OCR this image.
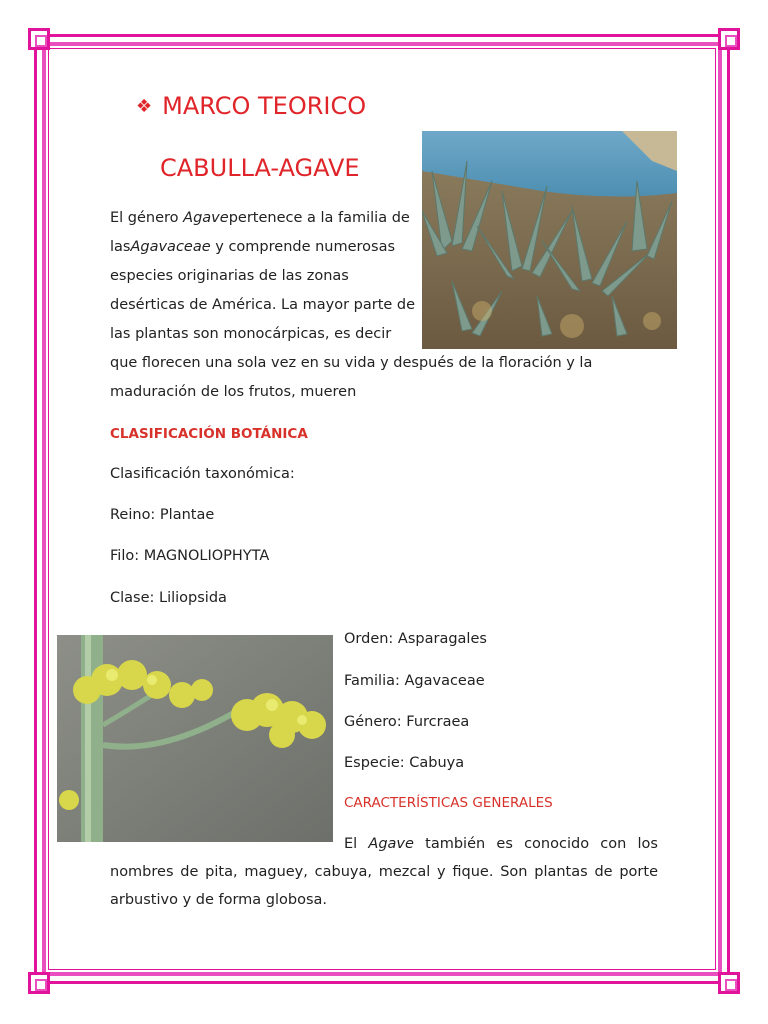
❖ MARCO TEORICO
CABULLA-AGAVE
El género Agavepertenece a la familia de
lasAgavaceae y comprende numerosas
especies originarias de las zonas
desérticas de América. La mayor parte de
las plantas son monocárpicas, es decir
que florecen una sola vez en su vida y después de la floración y la
maduración de los frutos, mueren
CLASIFICACIÓN BOTÁNICA
Clasificación taxonómica:
Reino: Plantae
Filo: MAGNOLIOPHYTA
Clase: Liliopsida
Orden: Asparagales
Familia: Agavaceae
Género: Furcraea
Especie: Cabuya
CARACTERÍSTICAS GENERALES
El Agave también es conocido con los nombres de pita, maguey, cabuya, mezcal y fique. Son plantas de porte arbustivo y de forma globosa.
